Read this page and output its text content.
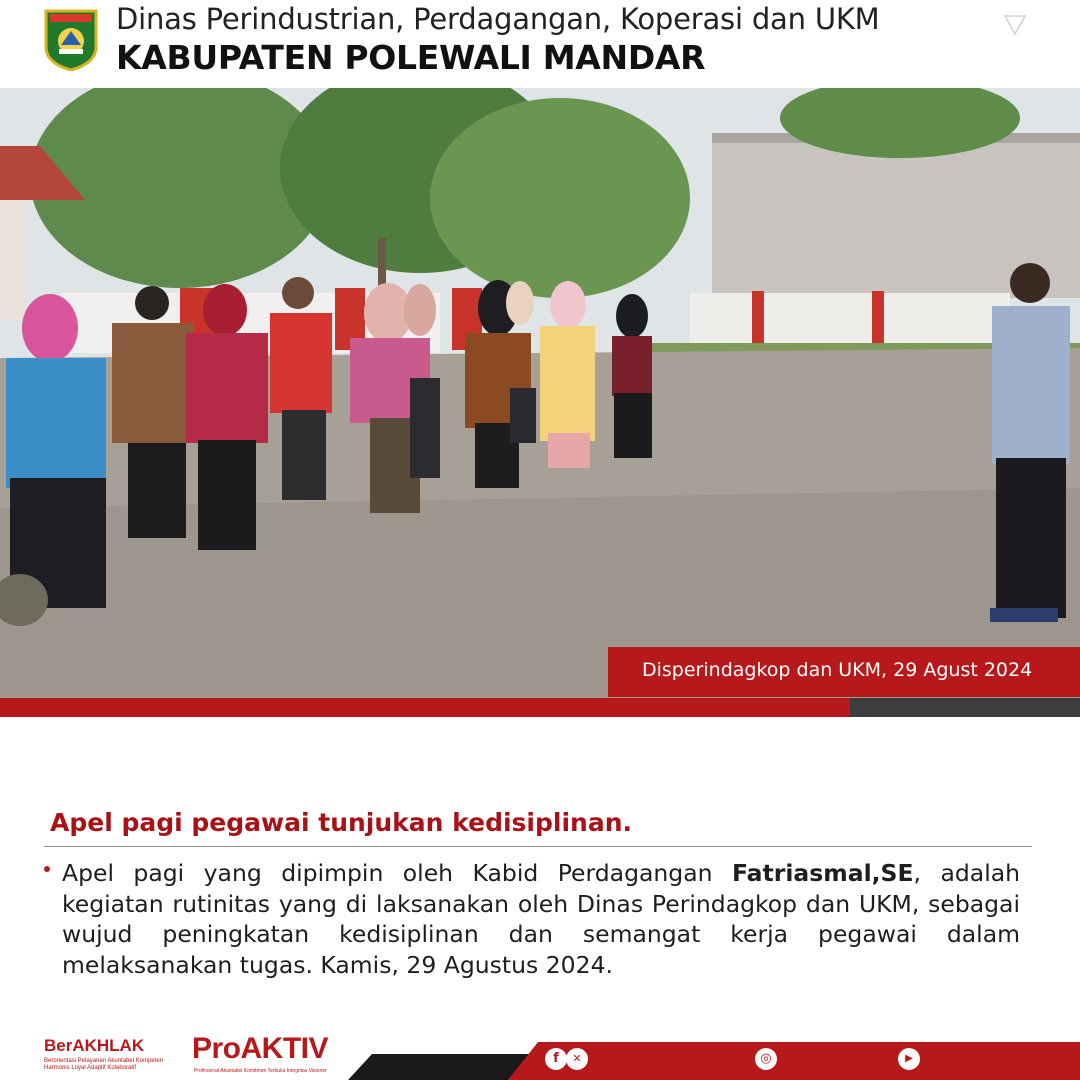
Dinas Perindustrian, Perdagangan, Koperasi dan UKM
KABUPATEN POLEWALI MANDAR
Disperindagkop dan UKM, 29 Agust 2024
Apel pagi pegawai tunjukan kedisiplinan.
Apel pagi yang dipimpin oleh Kabid Perdagangan Fatriasmal,SE, adalah kegiatan rutinitas yang di laksanakan oleh Dinas Perindagkop dan UKM, sebagai wujud peningkatan kedisiplinan dan semangat kerja pegawai dalam melaksanakan tugas. Kamis, 29 Agustus 2024.
BerAKHLAK
Berorientasi Pelayanan Akuntabel Kompeten Harmonis Loyal Adaptif Kolaboratif
ProAKTIV
Profesional Akuntabel Komitmen Terbuka Integritas Visioner
f	✕	◎	▶
